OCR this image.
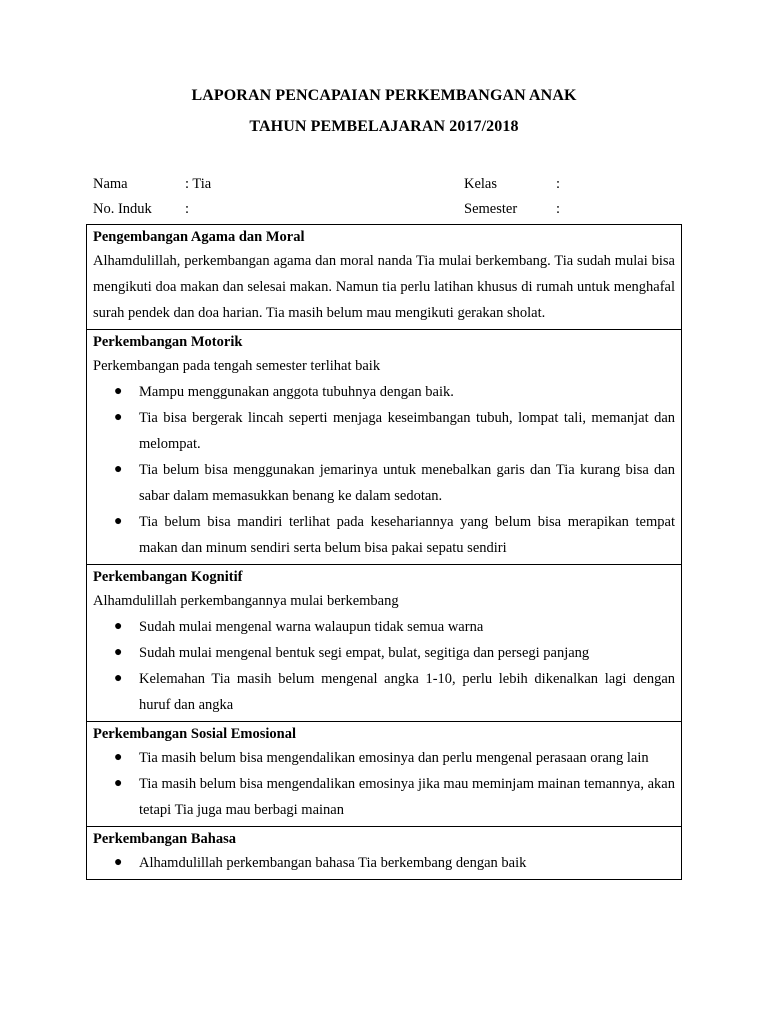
LAPORAN PENCAPAIAN PERKEMBANGAN ANAK
TAHUN PEMBELAJARAN 2017/2018
Nama	: Tia	Kelas	:
No. Induk :	Semester	:
Pengembangan Agama dan Moral
Alhamdulillah, perkembangan agama dan moral nanda Tia mulai berkembang. Tia sudah mulai bisa mengikuti doa makan dan selesai makan. Namun tia perlu latihan khusus di rumah untuk menghafal surah pendek dan doa harian. Tia masih belum mau mengikuti gerakan sholat.

Perkembangan Motorik
Perkembangan pada tengah semester terlihat baik
● Mampu menggunakan anggota tubuhnya dengan baik.
● Tia bisa bergerak lincah seperti menjaga keseimbangan tubuh, lompat tali, memanjat dan melompat.
● Tia belum bisa menggunakan jemarinya untuk menebalkan garis dan Tia kurang bisa dan sabar dalam memasukkan benang ke dalam sedotan.
● Tia belum bisa mandiri terlihat pada kesehariannya yang belum bisa merapikan tempat makan dan minum sendiri serta belum bisa pakai sepatu sendiri

Perkembangan Kognitif
Alhamdulillah perkembangannya mulai berkembang
● Sudah mulai mengenal warna walaupun tidak semua warna
● Sudah mulai mengenal bentuk segi empat, bulat, segitiga dan persegi panjang
● Kelemahan Tia masih belum mengenal angka 1-10, perlu lebih dikenalkan lagi dengan huruf dan angka

Perkembangan Sosial Emosional
● Tia masih belum bisa mengendalikan emosinya dan perlu mengenal perasaan orang lain
● Tia masih belum bisa mengendalikan emosinya jika mau meminjam mainan temannya, akan tetapi Tia juga mau berbagi mainan

Perkembangan Bahasa
● Alhamdulillah perkembangan bahasa Tia berkembang dengan baik
